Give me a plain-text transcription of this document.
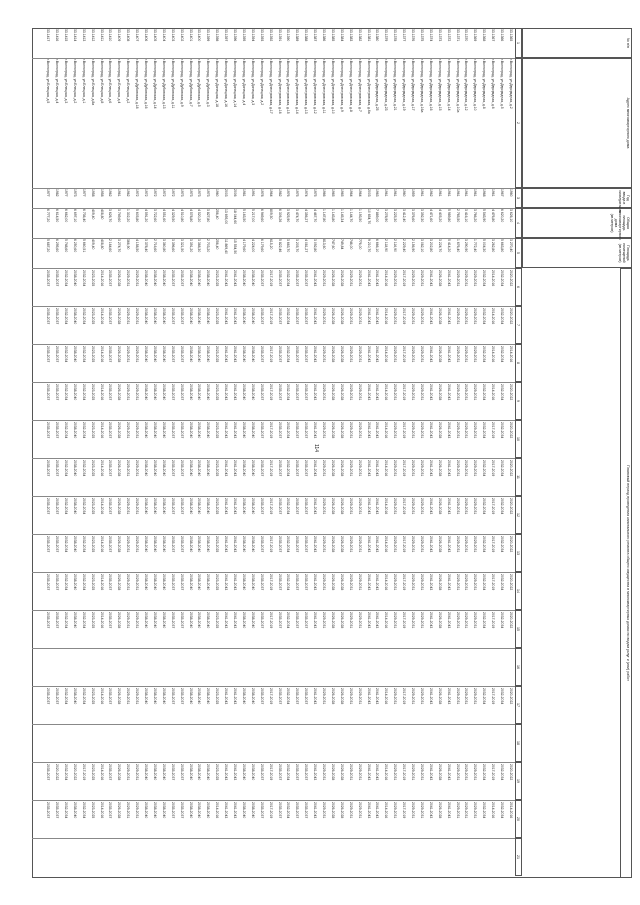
114
№ п/п
Адрес многоквартирного дома
Год ввода в эксплуатацию
Общая площадь многоквартирного дома (кв.метров)
Площадь помещений (кв.метров)
Плановый период проведения капитального ремонта общего имущества в многоквартирных домах по видам услуг и (или) работ
1
2
3
4
5
6
7
8
9
10
11
12
13
14
15
16
17
18
19
20
21
33.1365
г.Волгоград, ул.Двухрядная, д.2
1960
3 626,10
3 270,40
2020-2022
2020-2022
2014-2016
2020-2022
2020-2022
2020-2022
2020-2022
2020-2022
2020-2022
2020-2022
2020-2022
2020-2022
2014-2016
33.1366
г.Волгоград, ул.Двухрядная, д.5
1967
6 620,20
5 663,80
2032-2034
2032-2034
2032-2034
2032-2034
2032-2034
2032-2034
2032-2034
2032-2034
2032-2034
2032-2034
2032-2034
2032-2034
2032-2034
33.1367
г.Волгоград, ул.Двухрядная, д.6
1961
4 476,80
3 262,80
2014-2016
2014-2016
2014-2016
2014-2016
2017-2019
2017-2019
2017-2019
2017-2019
2017-2019
2017-2019
2017-2019
2017-2019
2014-2016
33.1368
г.Волгоград, ул.Двухрядная, д.8
1968
5 543,90
5 004,30
2032-2034
2032-2034
2032-2034
2032-2034
2032-2034
2032-2034
2032-2034
2032-2034
2032-2034
2032-2034
2032-2034
2032-2034
2032-2034
33.1369
г.Волгоград, ул.Двухрядная, д.10
1961
3 766,20
1 772,40
2029-2031
2029-2031
2029-2031
2029-2031
2029-2031
2029-2031
2029-2031
2029-2031
2029-2031
2029-2031
2029-2031
2029-2031
2029-2031
33.1370
г.Волгоград, ул.Двухрядная, д.12
1961
3 416,10
3 290,90
2029-2031
2029-2031
2029-2031
2029-2031
2029-2031
2029-2031
2029-2031
2029-2031
2029-2031
2029-2031
2029-2031
2029-2031
2029-2031
33.1371
г.Волгоград, ул.Двухрядная, д.10а
1961
2 765,50
1 676,40
2029-2031
2029-2031
2029-2031
2029-2031
2029-2031
2029-2031
2029-2031
2029-2031
2029-2031
2029-2031
2029-2031
2029-2031
2029-2031
33.1372
г.Волгоград, ул.Двухрядная, д.14
1961
5 989,80
5 414,20
2041-2043
2041-2043
2041-2043
2041-2043
2041-2043
2041-2043
2041-2043
2041-2043
2041-2043
2041-2043
2041-2043
2041-2043
2041-2043
33.1373
г.Волгоград, ул.Двухрядная, д.15
1961
4 405,20
3 224,70
2026-2028
2026-2028
2026-2028
2026-2028
2026-2028
2026-2028
2026-2028
2026-2028
2026-2028
2026-2028
2026-2028
2026-2028
2026-2028
33.1374
г.Волгоград, ул.Двухрядная, д.16
1962
4 471,60
3 202,80
2041-2043
2041-2043
2041-2043
2041-2043
2041-2043
2041-2043
2041-2043
2041-2043
2041-2043
2041-2043
2041-2043
2041-2043
2041-2043
33.1375
г.Волгоград, ул.Двухрядная, д.16а
1961
3 392,30
3 082,10
2029-2031
2029-2031
2029-2031
2029-2031
2029-2031
2029-2031
2029-2031
2029-2031
2029-2031
2029-2031
2029-2031
2029-2031
2029-2031
33.1376
г.Волгоград, ул.Двухрядная, д.17
1959
3 376,60
2 156,90
2029-2031
2029-2031
2029-2031
2029-2031
2029-2031
2029-2031
2029-2031
2029-2031
2029-2031
2029-2031
2029-2031
2029-2031
2029-2031
33.1377
г.Волгоград, ул.Двухрядная, д.19
1960
3 412,40
2 229,40
2017-2019
2017-2019
2017-2019
2017-2019
2017-2019
2017-2019
2017-2019
2017-2019
2017-2019
2017-2019
2017-2019
2017-2019
2017-2019
33.1378
г.Волгоград, ул.Двухрядная, д.21
1961
3 225,30
2 116,90
2029-2031
2029-2031
2029-2031
2029-2031
2029-2031
2029-2031
2029-2031
2029-2031
2029-2031
2029-2031
2029-2031
2029-2031
2029-2031
33.1379
г.Волгоград, ул.Двухрядная, д.23
1961
3 278,90
2 118,90
2014-2016
2014-2016
2014-2016
2014-2016
2014-2016
2014-2016
2014-2016
2014-2016
2014-2016
2014-2016
2014-2016
2014-2016
2014-2016
33.1380
г.Волгоград, ул.Двухрядная, д.25
1963
7 889,00
6 666,10
2041-2043
2041-2043
2041-2043
2041-2043
2041-2043
2041-2043
2041-2043
2041-2043
2041-2043
2041-2043
2041-2043
2041-2043
2041-2043
33.1381
г.Волгоград, ул.Днестровская, д.6а
2003
10 654,70
9 210,70
2041-2043
2041-2043
2041-2043
2041-2043
2041-2043
2041-2043
2041-2043
2041-2043
2041-2043
2041-2043
2041-2043
2041-2043
2041-2043
33.1382
г.Волгоград, ул.Днестровская, д.7
1964
1 193,50
776,00
2029-2031
2029-2031
2029-2031
2029-2031
2029-2031
2029-2031
2029-2031
2029-2031
2029-2031
2029-2031
2029-2031
2029-2031
2029-2031
33.1383
г.Волгоград, ул.Днестровская, д.8
1964
1 144,70
746,00
2029-2031
2029-2031
2029-2031
2029-2031
2029-2031
2029-2031
2029-2031
2029-2031
2029-2031
2029-2031
2029-2031
2029-2031
2029-2031
33.1384
г.Волгоград, ул.Днестровская, д.9
1965
1 145,34
749,84
2026-2028
2026-2028
2026-2028
2026-2028
2026-2028
2026-2028
2026-2028
2026-2028
2026-2028
2026-2028
2026-2028
2026-2028
2026-2028
33.1385
г.Волгоград, ул.Днестровская, д.10
1965
1 143,80
747,60
2026-2028
2026-2028
2026-2028
2026-2028
2026-2028
2026-2028
2026-2028
2026-2028
2026-2028
2026-2028
2026-2028
2026-2028
2026-2028
33.1386
г.Волгоград, ул.Днестровская, д.11
1966
1 147,80
813,60
2029-2031
2029-2031
2029-2031
2029-2031
2029-2031
2029-2031
2029-2031
2029-2031
2029-2031
2029-2031
2029-2031
2029-2031
2029-2031
33.1387
г.Волгоград, ул.Днестровская, д.12
1975
4 467,70
3 092,80
2041-2043
2041-2043
2041-2043
2041-2043
2041-2043
2041-2043
2041-2043
2041-2043
2041-2043
2041-2043
2041-2043
2041-2043
2041-2043
33.1388
г.Волгоград, ул.Днестровская, д.13
1974
4 356,27
4 081,27
2035-2037
2035-2037
2035-2037
2035-2037
2035-2037
2035-2037
2035-2037
2035-2037
2035-2037
2035-2037
2035-2037
2035-2037
2035-2037
33.1389
г.Волгоград, ул.Днестровская, д.14
1975
3 474,70
3 205,70
2035-2037
2035-2037
2035-2037
2035-2037
2035-2037
2035-2037
2035-2037
2035-2037
2035-2037
2035-2037
2035-2037
2035-2037
2035-2037
33.1390
г.Волгоград, ул.Днестровская, д.15
1976
3 925,90
3 663,70
2032-2034
2032-2034
2032-2034
2032-2034
2032-2034
2032-2034
2032-2034
2032-2034
2032-2034
2032-2034
2032-2034
2032-2034
2032-2034
33.1391
г.Волгоград, ул.Днестровская, д.16
1982
6 306,26
5 822,46
2035-2037
2035-2037
2035-2037
2035-2037
2035-2037
2035-2037
2035-2037
2035-2037
2035-2037
2035-2037
2035-2037
2035-2037
2035-2037
33.1392
г.Волгоград, ул.Днестровская, д.17
1964
809,50
615,20
2017-2019
2017-2019
2017-2019
2017-2019
2017-2019
2017-2019
2017-2019
2017-2019
2017-2019
2017-2019
2017-2019
2017-2019
2017-2019
33.1393
г.Волгоград, ул.Донецкая, д.2
1978
6 949,60
6 179,60
2035-2037
2035-2037
2035-2037
2035-2037
2035-2037
2035-2037
2035-2037
2035-2037
2035-2037
2035-2037
2035-2037
2035-2037
2035-2037
33.1394
г.Волгоград, ул.Донецкая, д.3
1991
5 217,00
4 224,00
2038-2040
2038-2040
2038-2040
2038-2040
2038-2040
2038-2040
2038-2040
2038-2040
2038-2040
2038-2040
2038-2040
2038-2040
2038-2040
33.1395
г.Волгоград, ул.Донецкая, д.4
1981
5 163,50
4 179,60
2038-2040
2038-2040
2038-2040
2038-2040
2038-2040
2038-2040
2038-2040
2038-2040
2038-2040
2038-2040
2038-2040
2038-2040
2038-2040
33.1396
г.Волгоград, ул.Донецкая, д.14
2006
18 044,60
15 554,50
2041-2043
2041-2043
2041-2043
2041-2043
2041-2043
2041-2043
2041-2043
2041-2043
2041-2043
2041-2043
2041-2043
2041-2043
2041-2043
33.1397
г.Волгоград, ул.Донецкая, д.16
2003
13 693,00
11 869,40
2041-2043
2041-2043
2041-2043
2041-2043
2041-2043
2041-2043
2041-2043
2041-2043
2041-2043
2041-2043
2041-2043
2041-2043
2041-2043
33.1398
г.Волгоград, ул.Донецкая, д.18
1960
256,40
256,40
2023-2025
2023-2025
2023-2025
2023-2025
2023-2025
2023-2025
2023-2025
2023-2025
2023-2025
2023-2025
2023-2025
2023-2025
2014-2016
33.1399
г.Волгоград, ул.Дубовская, д.3
1973
3 827,80
2 703,20
2038-2040
2038-2040
2038-2040
2038-2040
2038-2040
2038-2040
2038-2040
2038-2040
2038-2040
2038-2040
2038-2040
2038-2040
2038-2040
33.1400
г.Волгоград, ул.Дубовская, д.5
1973
4 520,20
3 368,30
2038-2040
2038-2040
2038-2040
2038-2040
2038-2040
2038-2040
2038-2040
2038-2040
2038-2040
2038-2040
2038-2040
2038-2040
2038-2040
33.1401
г.Волгоград, ул.Дубовская, д.7
1973
4 578,80
3 391,20
2038-2040
2038-2040
2038-2040
2038-2040
2038-2040
2038-2040
2038-2040
2038-2040
2038-2040
2038-2040
2038-2040
2038-2040
2038-2040
33.1402
г.Волгоград, ул.Дубовская, д.9
1973
4 510,80
3 321,50
2035-2037
2035-2037
2035-2037
2035-2037
2035-2037
2035-2037
2035-2037
2035-2037
2035-2037
2035-2037
2035-2037
2035-2037
2035-2037
33.1403
г.Волгоград, ул.Дубовская, д.11
1972
4 329,50
3 396,60
2035-2037
2035-2037
2035-2037
2035-2037
2035-2037
2035-2037
2035-2037
2035-2037
2035-2037
2035-2037
2035-2037
2035-2037
2035-2037
33.1404
г.Волгоград, ул.Дубовская, д.13
1972
4 551,60
3 360,80
2038-2040
2038-2040
2038-2040
2038-2040
2038-2040
2038-2040
2038-2040
2038-2040
2038-2040
2038-2040
2038-2040
2038-2040
2038-2040
33.1405
г.Волгоград, ул.Дубовская, д.14
1972
3 722,60
2 716,60
2038-2040
2038-2040
2038-2040
2038-2040
2038-2040
2038-2040
2038-2040
2038-2040
2038-2040
2038-2040
2038-2040
2038-2040
2038-2040
33.1406
г.Волгоград, ул.Дубовская, д.16
1972
4 591,20
3 378,40
2038-2040
2038-2040
2038-2040
2038-2040
2038-2040
2038-2040
2038-2040
2038-2040
2038-2040
2038-2040
2038-2040
2038-2040
2038-2040
33.1407
г.Волгоград, ул.Дубовская, д.18
1972
5 605,80
4 158,50
2029-2031
2029-2031
2029-2031
2029-2031
2029-2031
2029-2031
2029-2031
2029-2031
2029-2031
2029-2031
2029-2031
2029-2031
2029-2031
33.1408
г.Волгоград, ул.Елецкая, д.2
1962
1 302,20
366,90
2029-2031
2029-2031
2029-2031
2029-2031
2029-2031
2029-2031
2029-2031
2029-2031
2029-2031
2029-2031
2029-2031
2029-2031
2029-2031
33.1409
г.Волгоград, ул.Елецкая, д.4
1961
3 749,60
3 274,70
2026-2028
2026-2028
2026-2028
2026-2028
2026-2028
2026-2028
2026-2028
2026-2028
2026-2028
2026-2028
2026-2028
2026-2028
2026-2028
33.1410
г.Волгоград, ул.Елецкая, д.6
1962
3 626,70
2 164,60
2035-2037
2035-2037
2035-2037
2035-2037
2035-2037
2035-2037
2035-2037
2035-2037
2035-2037
2035-2037
2035-2037
2035-2037
2035-2037
33.1411
г.Волгоград, ул.Елецкая, д.8
1958
408,80
408,80
2014-2016
2014-2016
2014-2016
2014-2016
2014-2016
2014-2016
2014-2016
2014-2016
2014-2016
2014-2016
2014-2016
2014-2016
2014-2016
33.1412
г.Волгоград, ул.Елецкая, д.8а
1958
409,40
409,40
2023-2025
2023-2025
2023-2025
2023-2025
2023-2025
2023-2025
2023-2025
2023-2025
2023-2025
2023-2025
2023-2025
2023-2025
2023-2025
33.1413
г.Волгоград, ул.Елецкая, д.1
1977
6 736,40
5 660,51
2032-2034
2032-2034
2032-2034
2032-2034
2032-2034
2032-2034
2032-2034
2032-2034
2032-2034
2032-2034
2032-2034
2017-2019
2032-2034
33.1414
г.Волгоград, ул.Елецкая, д.2
1973
6 697,10
6 250,60
2038-2040
2038-2040
2038-2040
2038-2040
2038-2040
2038-2040
2038-2040
2038-2040
2038-2040
2038-2040
2038-2040
2020-2022
2038-2040
33.1415
г.Волгоград, ул.Елецкая, д.3
1977
6 662,00
5 748,60
2032-2034
2032-2034
2032-2034
2032-2034
2032-2034
2032-2034
2032-2034
2032-2034
2032-2034
2032-2034
2032-2034
2032-2034
2032-2034
33.1416
г.Волгоград, ул.Елецкая, д.4
1982
6 614,50
6 295,60
2035-2037
2035-2037
2035-2037
2035-2037
2035-2037
2035-2037
2035-2037
2035-2037
2035-2037
2035-2037
2035-2037
2020-2022
2035-2037
33.1417
г.Волгоград, ул.Елецкая, д.5
1977
6 777,20
5 687,20
2035-2037
2035-2037
2035-2037
2035-2037
2035-2037
2035-2037
2035-2037
2035-2037
2035-2037
2035-2037
2035-2037
2035-2037
2035-2037
